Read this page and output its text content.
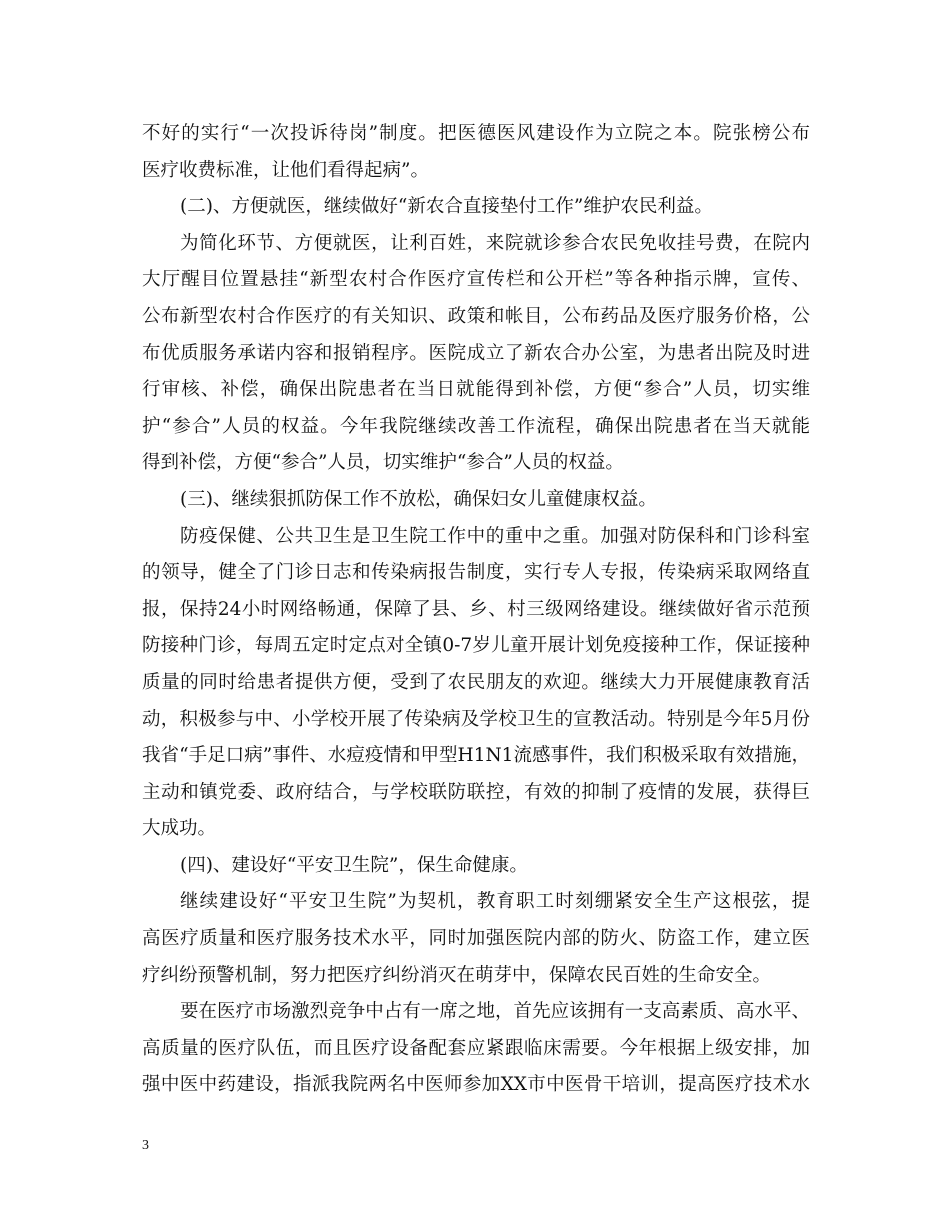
不好的实行“一次投诉待岗”制度。把医德医风建设作为立院之本。院张榜公布
医疗收费标准，让他们看得起病”。
(二)、方便就医，继续做好“新农合直接垫付工作”维护农民利益。
为简化环节、方便就医，让利百姓，来院就诊参合农民免收挂号费，在院内
大厅醒目位置悬挂“新型农村合作医疗宣传栏和公开栏”等各种指示牌，宣传、
公布新型农村合作医疗的有关知识、政策和帐目，公布药品及医疗服务价格，公
布优质服务承诺内容和报销程序。医院成立了新农合办公室，为患者出院及时进
行审核、补偿，确保出院患者在当日就能得到补偿，方便“参合”人员，切实维
护“参合”人员的权益。今年我院继续改善工作流程，确保出院患者在当天就能
得到补偿，方便“参合”人员，切实维护“参合”人员的权益。
(三)、继续狠抓防保工作不放松，确保妇女儿童健康权益。
防疫保健、公共卫生是卫生院工作中的重中之重。加强对防保科和门诊科室
的领导，健全了门诊日志和传染病报告制度，实行专人专报，传染病采取网络直
报，保持24小时网络畅通，保障了县、乡、村三级网络建设。继续做好省示范预
防接种门诊，每周五定时定点对全镇0-7岁儿童开展计划免疫接种工作，保证接种
质量的同时给患者提供方便，受到了农民朋友的欢迎。继续大力开展健康教育活
动，积极参与中、小学校开展了传染病及学校卫生的宣教活动。特别是今年5月份
我省“手足口病”事件、水痘疫情和甲型H1N1流感事件，我们积极采取有效措施，
主动和镇党委、政府结合，与学校联防联控，有效的抑制了疫情的发展，获得巨
大成功。
(四)、建设好“平安卫生院”，保生命健康。
继续建设好“平安卫生院”为契机，教育职工时刻绷紧安全生产这根弦，提
高医疗质量和医疗服务技术水平，同时加强医院内部的防火、防盗工作，建立医
疗纠纷预警机制，努力把医疗纠纷消灭在萌芽中，保障农民百姓的生命安全。
要在医疗市场激烈竞争中占有一席之地，首先应该拥有一支高素质、高水平、
高质量的医疗队伍，而且医疗设备配套应紧跟临床需要。今年根据上级安排，加
强中医中药建设，指派我院两名中医师参加XX市中医骨干培训，提高医疗技术水
3
